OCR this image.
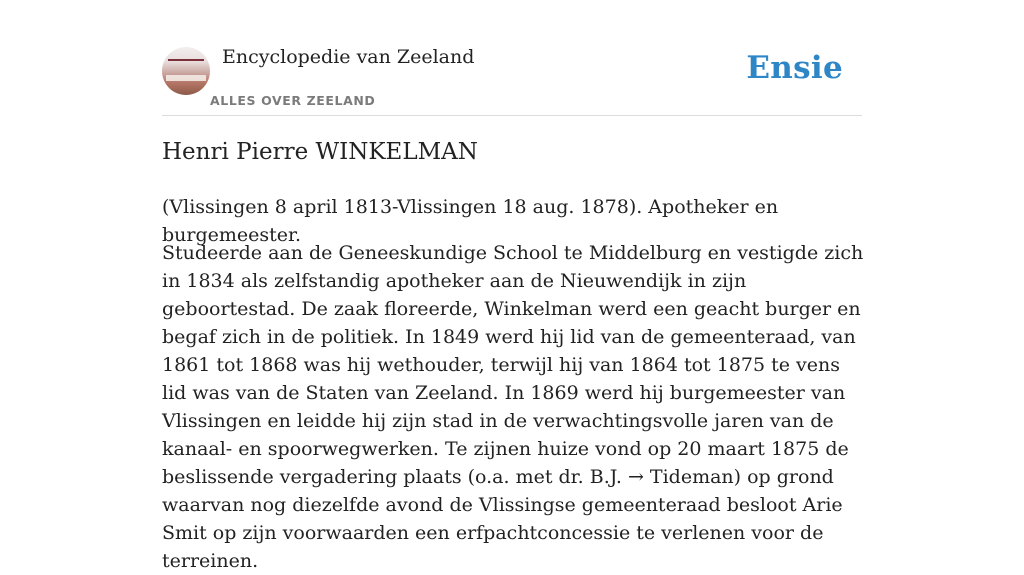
Encyclopedie van Zeeland
ALLES OVER ZEELAND
Ensie
Henri Pierre WINKELMAN

(Vlissingen 8 april 1813-Vlissingen 18 aug. 1878). Apotheker en burgemeester.

Studeerde aan de Geneeskundige School te Middelburg en vestigde zich in 1834 als zelfstandig apotheker aan de Nieuwendijk in zijn geboortestad. De zaak floreerde, Winkelman werd een geacht burger en begaf zich in de politiek. In 1849 werd hij lid van de gemeenteraad, van 1861 tot 1868 was hij wethouder, terwijl hij van 1864 tot 1875 te vens lid was van de Staten van Zeeland. In 1869 werd hij burgemeester van Vlissingen en leidde hij zijn stad in de verwachtingsvolle jaren van de kanaal- en spoorwegwerken. Te zijnen huize vond op 20 maart 1875 de beslissende vergadering plaats (o.a. met dr. B.J. → Tideman) op grond waarvan nog diezelfde avond de Vlissingse gemeenteraad besloot Arie Smit op zijn voorwaarden een erfpachtconcessie te verlenen voor de terreinen.
